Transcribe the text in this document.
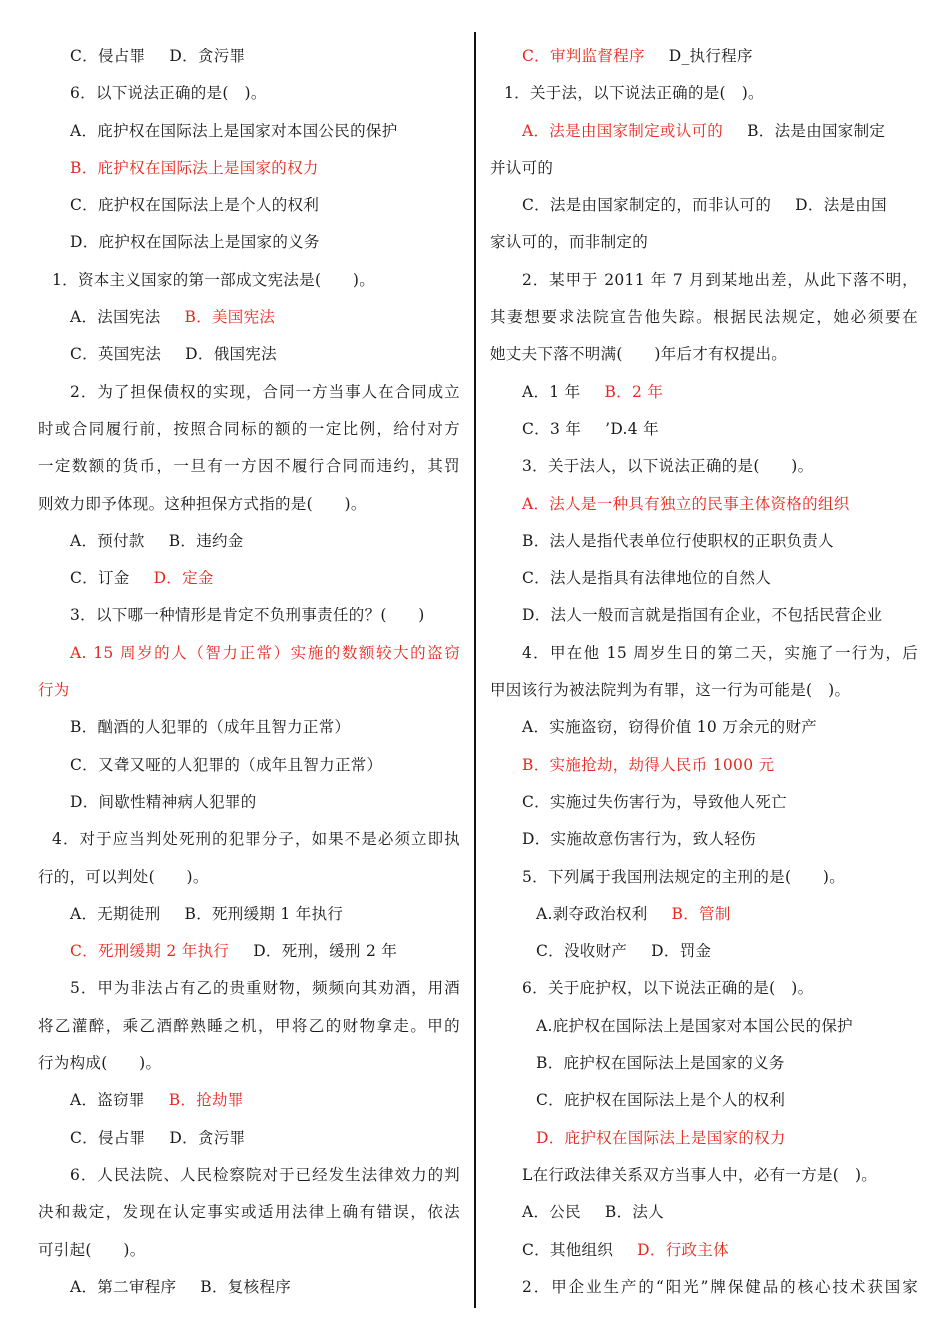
C．侵占罪 D．贪污罪
6．以下说法正确的是(　)。
A．庇护权在国际法上是国家对本国公民的保护
B．庇护权在国际法上是国家的权力
C．庇护权在国际法上是个人的权利
D．庇护权在国际法上是国家的义务
1．资本主义国家的第一部成文宪法是(　　)。
A．法国宪法 B．美国宪法
C．英国宪法 D．俄国宪法
2．为了担保债权的实现，合同一方当事人在合同成立
时或合同履行前，按照合同标的额的一定比例，给付对方
一定数额的货币，一旦有一方因不履行合同而违约，其罚
则效力即予体现。这种担保方式指的是(　　)。
A．预付款 B．违约金
C．订金 D．定金
3．以下哪一种情形是肯定不负刑事责任的？(　　)
A. 15 周岁的人（智力正常）实施的数额较大的盗窃
行为
B．酗酒的人犯罪的（成年且智力正常）
C．又聋又哑的人犯罪的（成年且智力正常）
D．间歇性精神病人犯罪的
4．对于应当判处死刑的犯罪分子，如果不是必须立即执
行的，可以判处(　　)。
A．无期徒刑 B．死刑缓期 1 年执行
C．死刑缓期 2 年执行 D．死刑，缓刑 2 年
5．甲为非法占有乙的贵重财物，频频向其劝酒，用酒
将乙灌醉，乘乙酒醉熟睡之机，甲将乙的财物拿走。甲的
行为构成(　　)。
A．盗窃罪 B．抢劫罪
C．侵占罪 D．贪污罪
6．人民法院、人民检察院对于已经发生法律效力的判
决和裁定，发现在认定事实或适用法律上确有错误，依法
可引起(　　)。
A．第二审程序 B．复核程序
C．审判监督程序 D_执行程序
1．关于法，以下说法正确的是(　)。
A．法是由国家制定或认可的 B．法是由国家制定
并认可的
C．法是由国家制定的，而非认可的 D．法是由国
家认可的，而非制定的
2．某甲于 2011 年 7 月到某地出差，从此下落不明，
其妻想要求法院宣告他失踪。根据民法规定，她必须要在
她丈夫下落不明满(　　)年后才有权提出。
A．1 年 B．2 年
C．3 年 ’D.4 年
3．关于法人，以下说法正确的是(　　)。
A．法人是一种具有独立的民事主体资格的组织
B．法人是指代表单位行使职权的正职负责人
C．法人是指具有法律地位的自然人
D．法人一般而言就是指国有企业，不包括民营企业
4．甲在他 15 周岁生日的第二天，实施了一行为，后
甲因该行为被法院判为有罪，这一行为可能是(　)。
A．实施盗窃，窃得价值 10 万余元的财产
B．实施抢劫，劫得人民币 1000 元
C．实施过失伤害行为，导致他人死亡
D．实施故意伤害行为，致人轻伤
5．下列属于我国刑法规定的主刑的是(　　)。
A.剥夺政治权利 B．管制
C．没收财产 D．罚金
6．关于庇护权，以下说法正确的是(　)。
A.庇护权在国际法上是国家对本国公民的保护
B．庇护权在国际法上是国家的义务
C．庇护权在国际法上是个人的权利
D．庇护权在国际法上是国家的权力
L在行政法律关系双方当事人中，必有一方是(　)。
A．公民 B．法人
C．其他组织 D．行政主体
2．甲企业生产的“阳光”牌保健品的核心技术获国家
